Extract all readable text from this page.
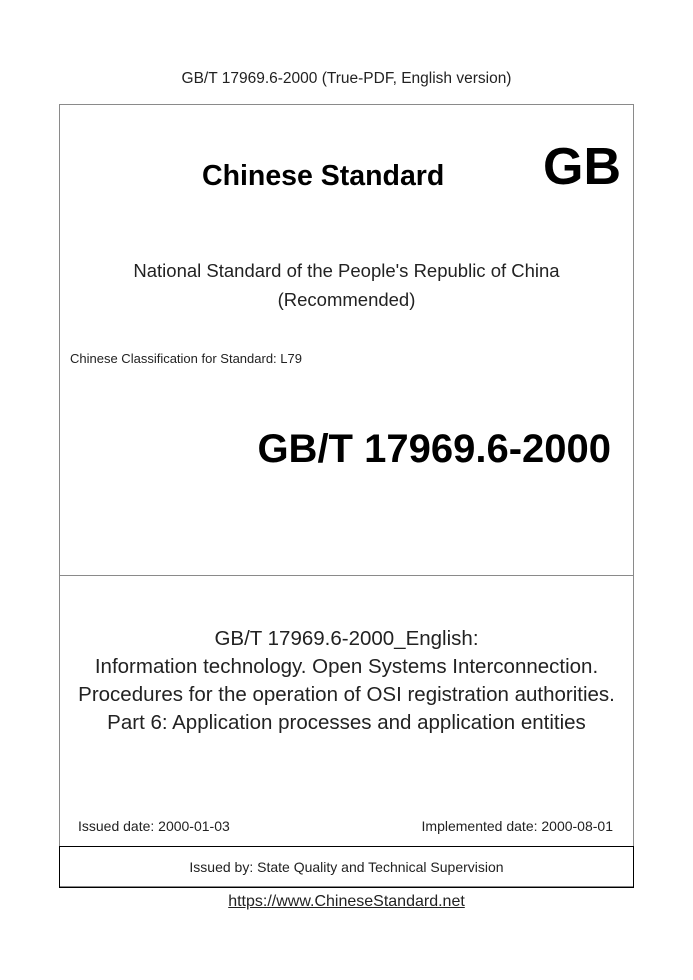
GB/T 17969.6-2000 (True-PDF, English version)
Chinese Standard GB
National Standard of the People's Republic of China
(Recommended)
Chinese Classification for Standard: L79
GB/T 17969.6-2000
GB/T 17969.6-2000_English:
Information technology. Open Systems Interconnection.
Procedures for the operation of OSI registration authorities.
Part 6: Application processes and application entities
Issued date: 2000-01-03	Implemented date: 2000-08-01
Issued by: State Quality and Technical Supervision
https://www.ChineseStandard.net
